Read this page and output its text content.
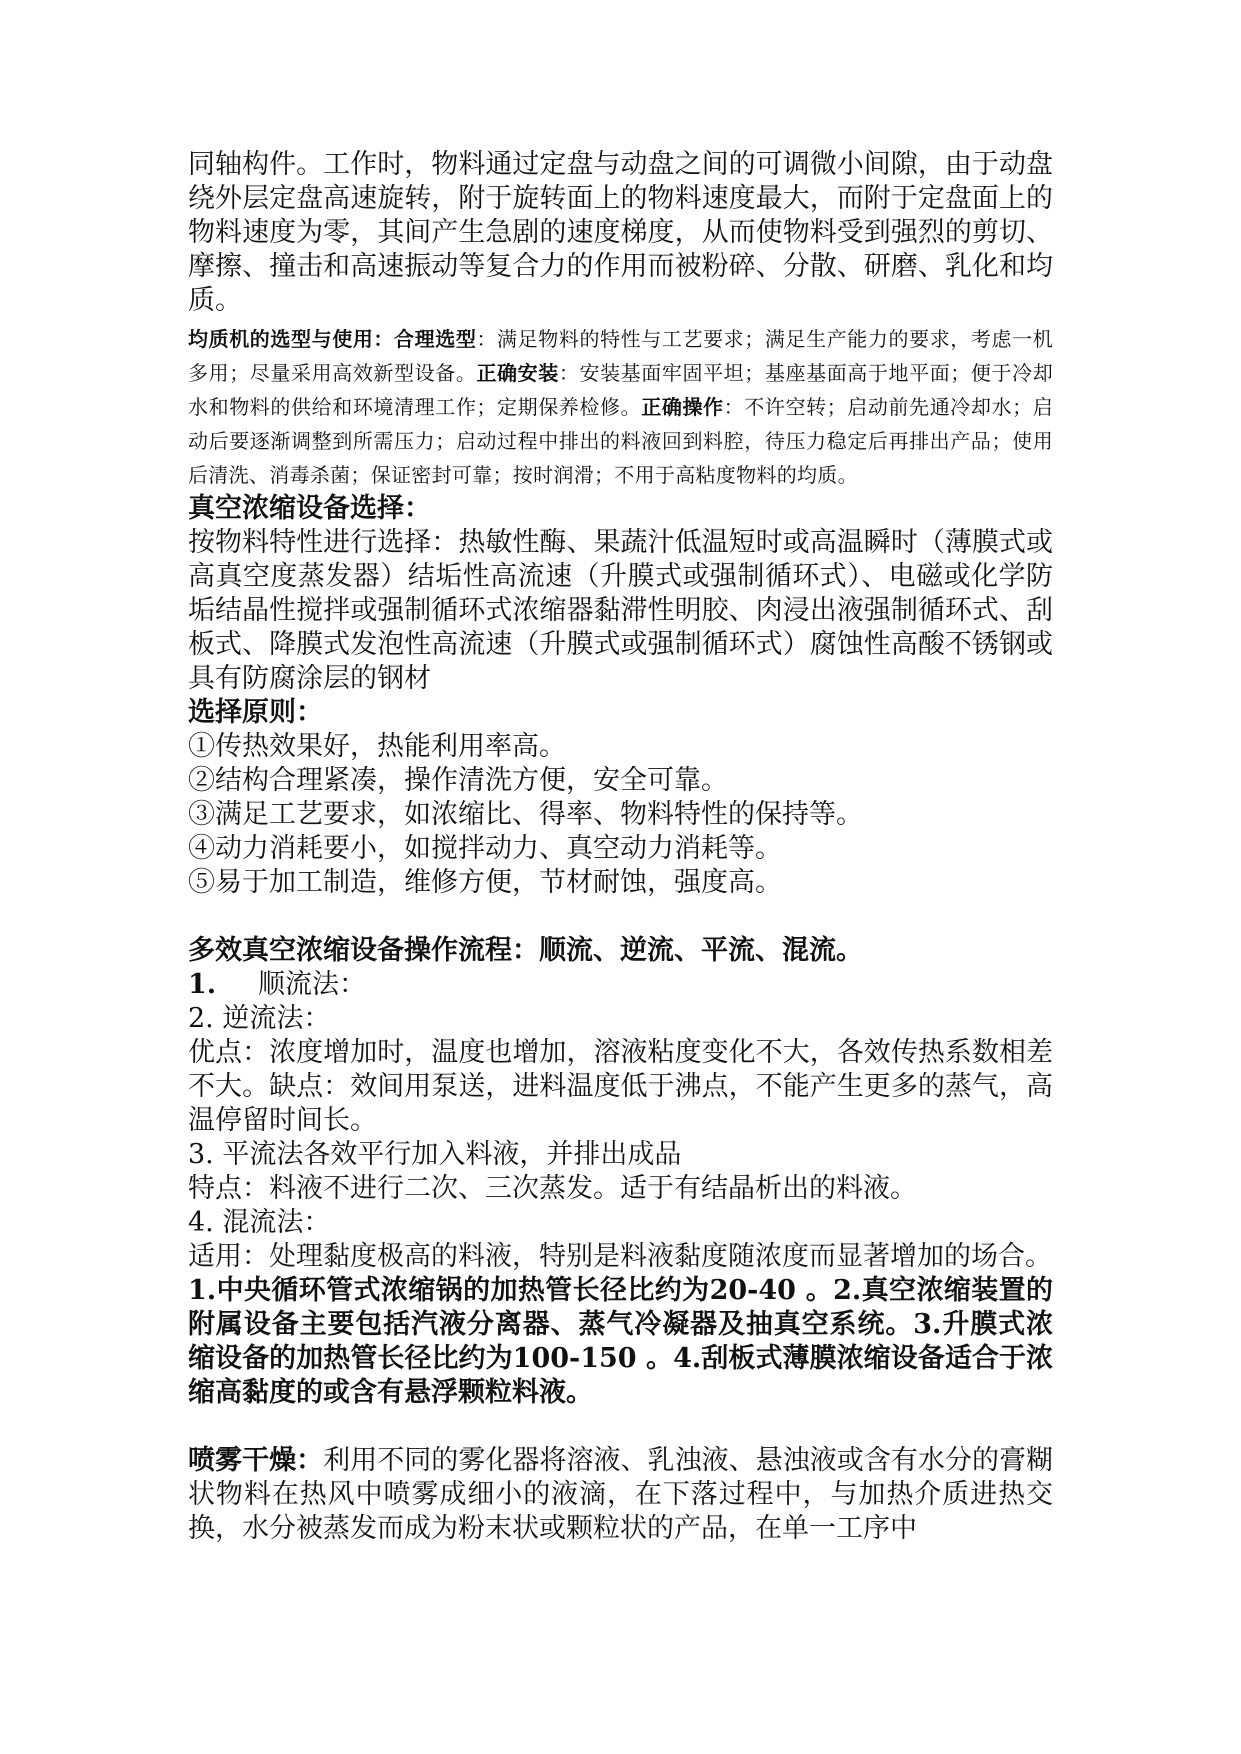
同轴构件。工作时，物料通过定盘与动盘之间的可调微小间隙，由于动盘绕外层定盘高速旋转，附于旋转面上的物料速度最大，而附于定盘面上的物料速度为零，其间产生急剧的速度梯度，从而使物料受到强烈的剪切、摩擦、撞击和高速振动等复合力的作用而被粉碎、分散、研磨、乳化和均质。

均质机的选型与使用：合理选型：满足物料的特性与工艺要求；满足生产能力的要求，考虑一机多用；尽量采用高效新型设备。正确安装：安装基面牢固平坦；基座基面高于地平面；便于冷却水和物料的供给和环境清理工作；定期保养检修。正确操作：不许空转；启动前先通冷却水；启动后要逐渐调整到所需压力；启动过程中排出的料液回到料腔，待压力稳定后再排出产品；使用后清洗、消毒杀菌；保证密封可靠；按时润滑；不用于高粘度物料的均质。

真空浓缩设备选择：

按物料特性进行选择：热敏性酶、果蔬汁低温短时或高温瞬时（薄膜式或高真空度蒸发器）结垢性高流速（升膜式或强制循环式）、电磁或化学防垢结晶性搅拌或强制循环式浓缩器黏滞性明胶、肉浸出液强制循环式、刮板式、降膜式发泡性高流速（升膜式或强制循环式）腐蚀性高酸不锈钢或具有防腐涂层的钢材

选择原则：

①传热效果好，热能利用率高。

②结构合理紧凑，操作清洗方便，安全可靠。

③满足工艺要求，如浓缩比、得率、物料特性的保持等。

④动力消耗要小，如搅拌动力、真空动力消耗等。

⑤易于加工制造，维修方便，节材耐蚀，强度高。

多效真空浓缩设备操作流程：顺流、逆流、平流、混流。

1. 顺流法：

2. 逆流法：

优点：浓度增加时，温度也增加，溶液粘度变化不大，各效传热系数相差不大。缺点：效间用泵送，进料温度低于沸点，不能产生更多的蒸气，高温停留时间长。

3. 平流法各效平行加入料液，并排出成品

特点：料液不进行二次、三次蒸发。适于有结晶析出的料液。

4. 混流法：

适用：处理黏度极高的料液，特别是料液黏度随浓度而显著增加的场合。

1.中央循环管式浓缩锅的加热管长径比约为20-40 。2.真空浓缩装置的附属设备主要包括汽液分离器、蒸气冷凝器及抽真空系统。3.升膜式浓缩设备的加热管长径比约为100-150 。4.刮板式薄膜浓缩设备适合于浓缩高黏度的或含有悬浮颗粒料液。

喷雾干燥：利用不同的雾化器将溶液、乳浊液、悬浊液或含有水分的膏糊状物料在热风中喷雾成细小的液滴，在下落过程中，与加热介质进热交换，水分被蒸发而成为粉末状或颗粒状的产品，在单一工序中
